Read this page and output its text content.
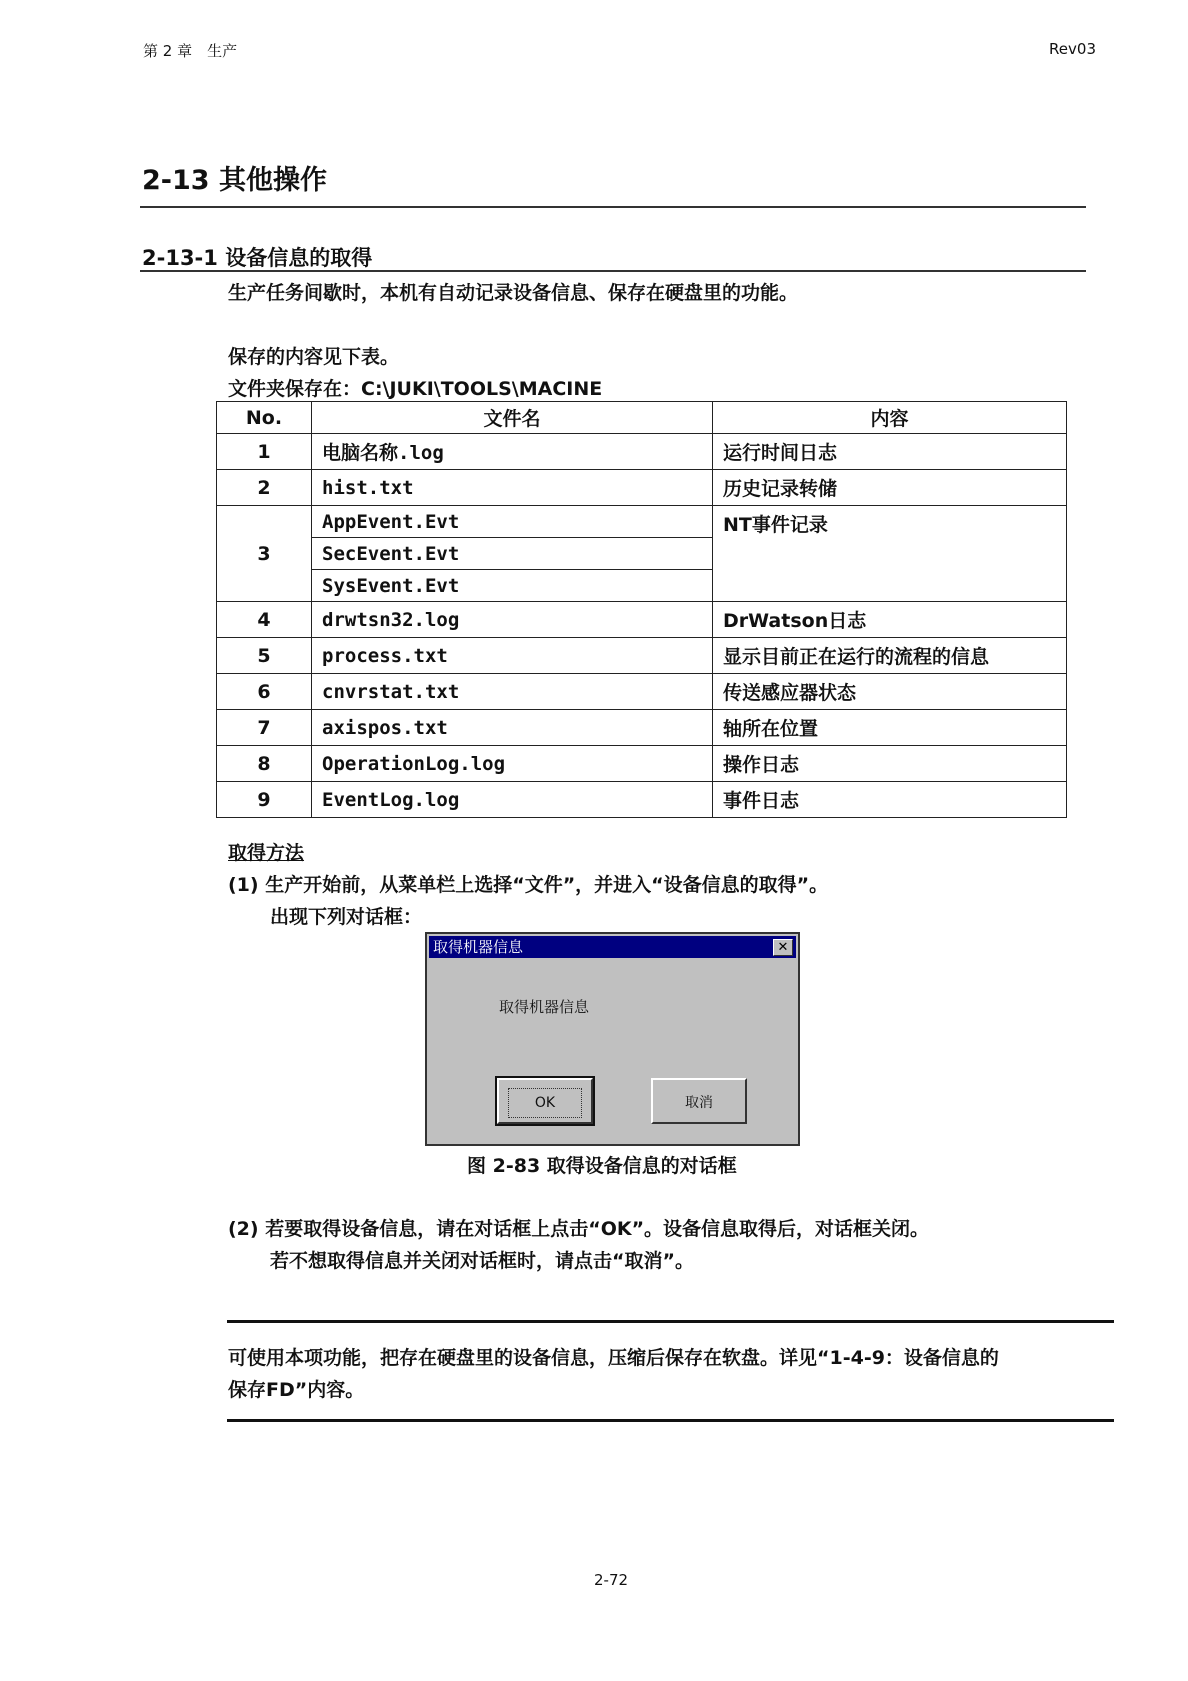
第 2 章　生产	Rev03
2-13 其他操作
2-13-1 设备信息的取得
生产任务间歇时，本机有自动记录设备信息、保存在硬盘里的功能。
保存的内容见下表。
文件夹保存在：C:\JUKI\TOOLS\MACINE
No.	文件名	内容
1	电脑名称.log	运行时间日志
2	hist.txt	历史记录转储
3	AppEvent.Evt	NT事件记录
	SecEvent.Evt	
	SysEvent.Evt	
4	drwtsn32.log	DrWatson日志
5	process.txt	显示目前正在运行的流程的信息
6	cnvrstat.txt	传送感应器状态
7	axispos.txt	轴所在位置
8	OperationLog.log	操作日志
9	EventLog.log	事件日志
取得方法
(1) 生产开始前，从菜单栏上选择“文件”，并进入“设备信息的取得”。
出现下列对话框：
取得机器信息	✕
取得机器信息
OK	取消
图 2-83 取得设备信息的对话框
(2) 若要取得设备信息，请在对话框上点击“OK”。设备信息取得后，对话框关闭。
若不想取得信息并关闭对话框时，请点击“取消”。
可使用本项功能，把存在硬盘里的设备信息，压缩后保存在软盘。详见“1-4-9：设备信息的
保存FD”内容。
2-72
